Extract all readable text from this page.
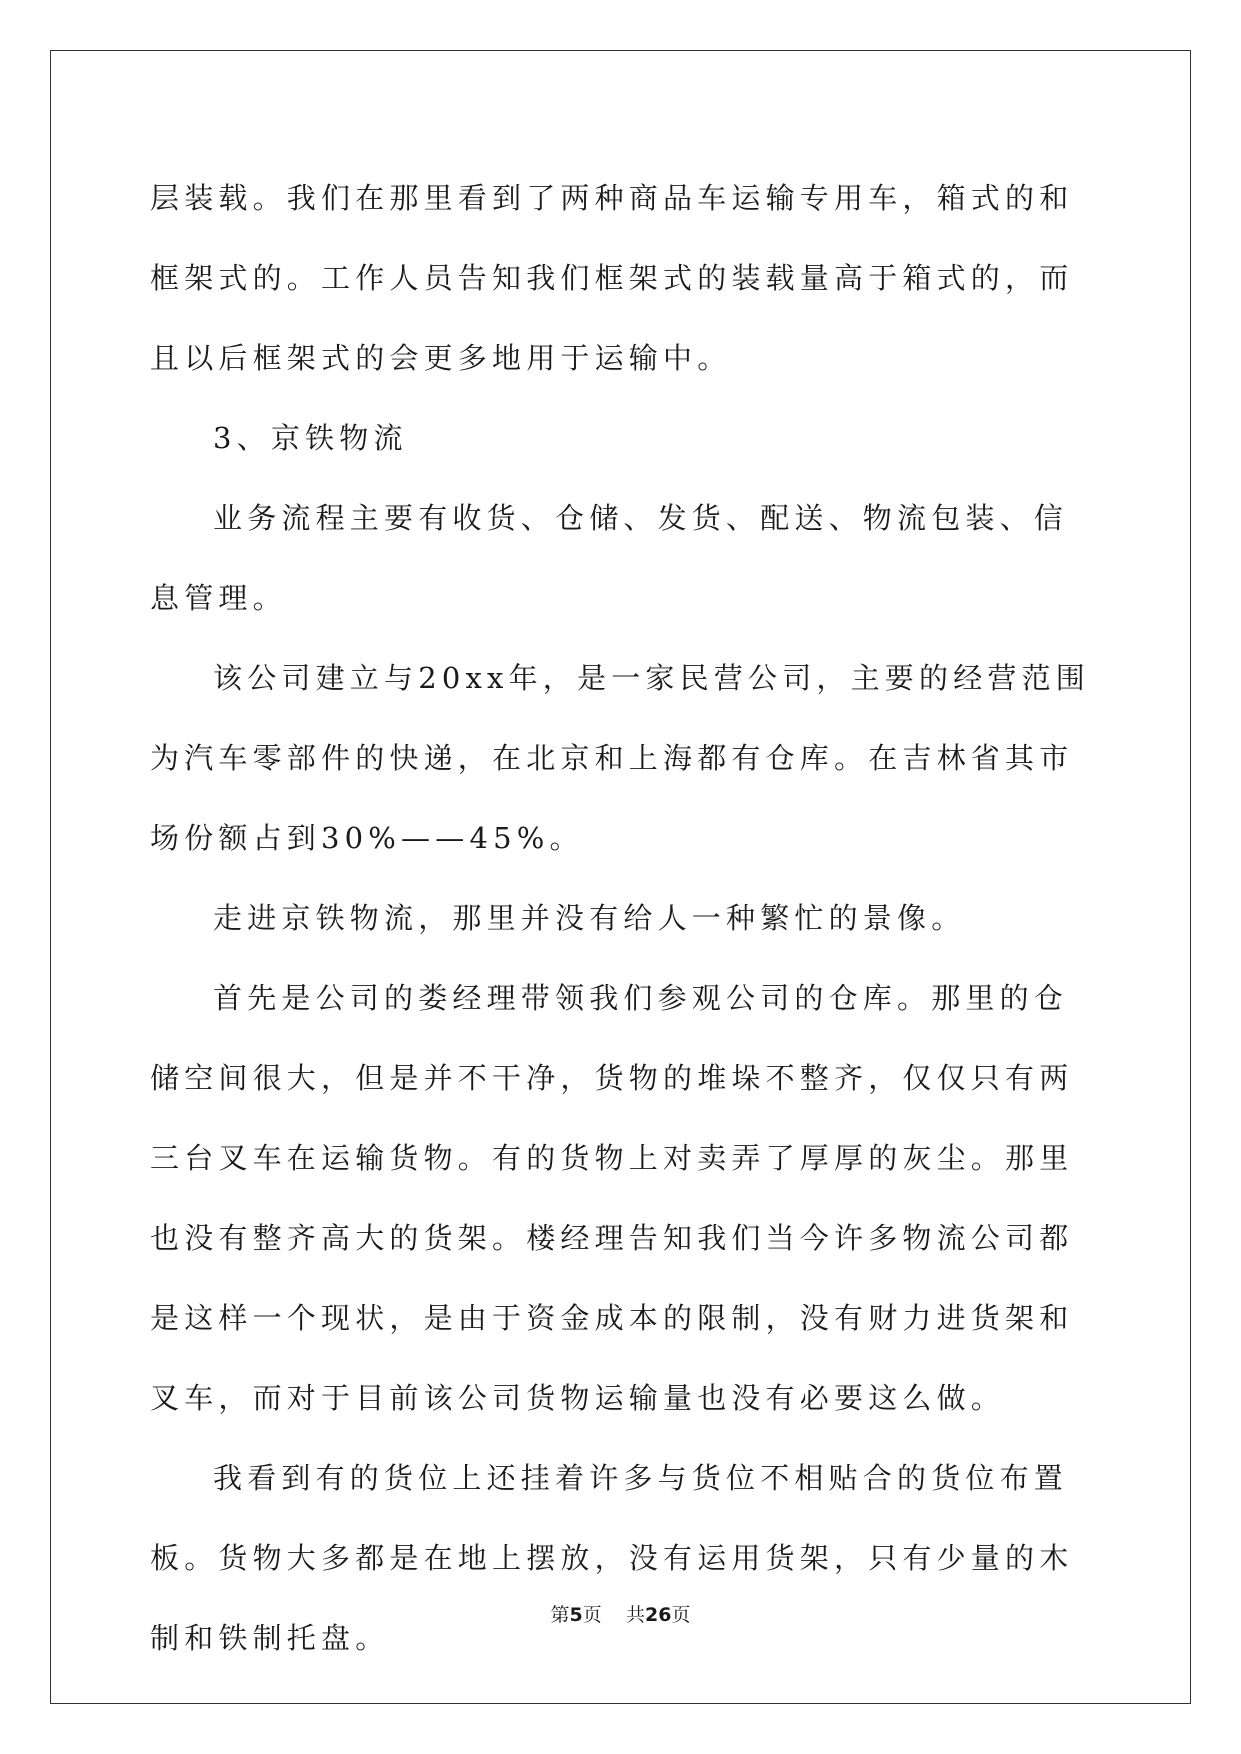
层装载。我们在那里看到了两种商品车运输专用车，箱式的和框架式的。工作人员告知我们框架式的装载量高于箱式的，而且以后框架式的会更多地用于运输中。

3、京铁物流

业务流程主要有收货、仓储、发货、配送、物流包装、信息管理。

该公司建立与20xx年，是一家民营公司，主要的经营范围为汽车零部件的快递，在北京和上海都有仓库。在吉林省其市场份额占到30%——45%。

走进京铁物流，那里并没有给人一种繁忙的景像。

首先是公司的娄经理带领我们参观公司的仓库。那里的仓储空间很大，但是并不干净，货物的堆垛不整齐，仅仅只有两三台叉车在运输货物。有的货物上对卖弄了厚厚的灰尘。那里也没有整齐高大的货架。楼经理告知我们当今许多物流公司都是这样一个现状，是由于资金成本的限制，没有财力进货架和叉车，而对于目前该公司货物运输量也没有必要这么做。

我看到有的货位上还挂着许多与货位不相贴合的货位布置板。货物大多都是在地上摆放，没有运用货架，只有少量的木制和铁制托盘。

第5页 共26页
